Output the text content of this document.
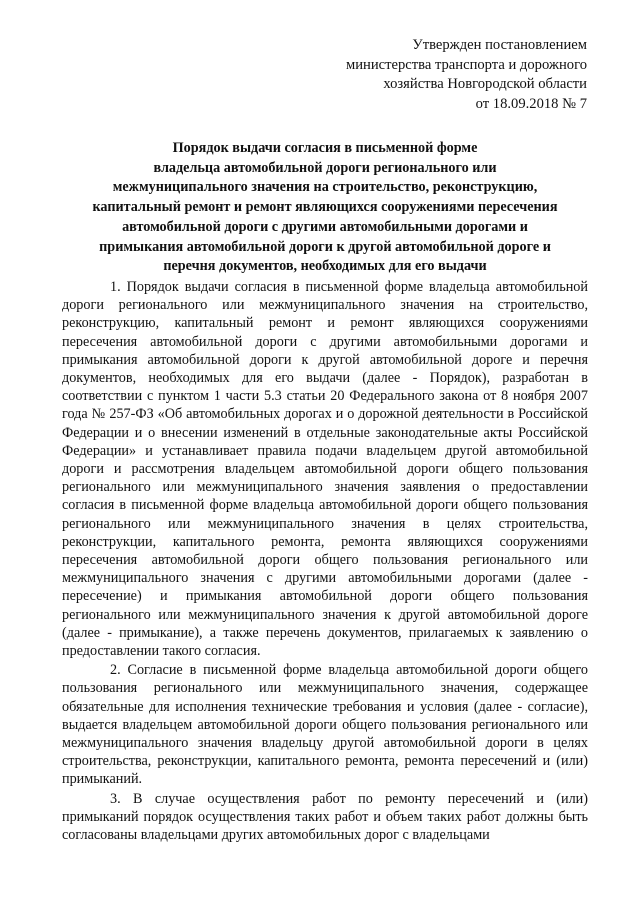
Утвержден постановлением
министерства транспорта и дорожного
хозяйства Новгородской области
от 18.09.2018 № 7
Порядок выдачи согласия в письменной форме
владельца автомобильной дороги регионального или
межмуниципального значения на строительство, реконструкцию,
капитальный ремонт и ремонт являющихся сооружениями пересечения
автомобильной дороги с другими автомобильными дорогами и
примыкания автомобильной дороги к другой автомобильной дороге и
перечня документов, необходимых для его выдачи

1. Порядок выдачи согласия в письменной форме владельца автомобильной дороги регионального или межмуниципального значения на строительство, реконструкцию, капитальный ремонт и ремонт являющихся сооружениями пересечения автомобильной дороги с другими автомобильными дорогами и примыкания автомобильной дороги к другой автомобильной дороге и перечня документов, необходимых для его выдачи (далее - Порядок), разработан в соответствии с пунктом 1 части 5.3 статьи 20 Федерального закона от 8 ноября 2007 года № 257-ФЗ «Об автомобильных дорогах и о дорожной деятельности в Российской Федерации и о внесении изменений в отдельные законодательные акты Российской Федерации» и устанавливает правила подачи владельцем другой автомобильной дороги и рассмотрения владельцем автомобильной дороги общего пользования регионального или межмуниципального значения заявления о предоставлении согласия в письменной форме владельца автомобильной дороги общего пользования регионального или межмуниципального значения в целях строительства, реконструкции, капитального ремонта, ремонта являющихся сооружениями пересечения автомобильной дороги общего пользования регионального или межмуниципального значения с другими автомобильными дорогами (далее - пересечение) и примыкания автомобильной дороги общего пользования регионального или межмуниципального значения к другой автомобильной дороге (далее - примыкание), а также перечень документов, прилагаемых к заявлению о предоставлении такого согласия.

2. Согласие в письменной форме владельца автомобильной дороги общего пользования регионального или межмуниципального значения, содержащее обязательные для исполнения технические требования и условия (далее - согласие), выдается владельцем автомобильной дороги общего пользования регионального или межмуниципального значения владельцу другой автомобильной дороги в целях строительства, реконструкции, капитального ремонта, ремонта пересечений и (или) примыканий.

3. В случае осуществления работ по ремонту пересечений и (или) примыканий порядок осуществления таких работ и объем таких работ должны быть согласованы владельцами других автомобильных дорог с владельцами
